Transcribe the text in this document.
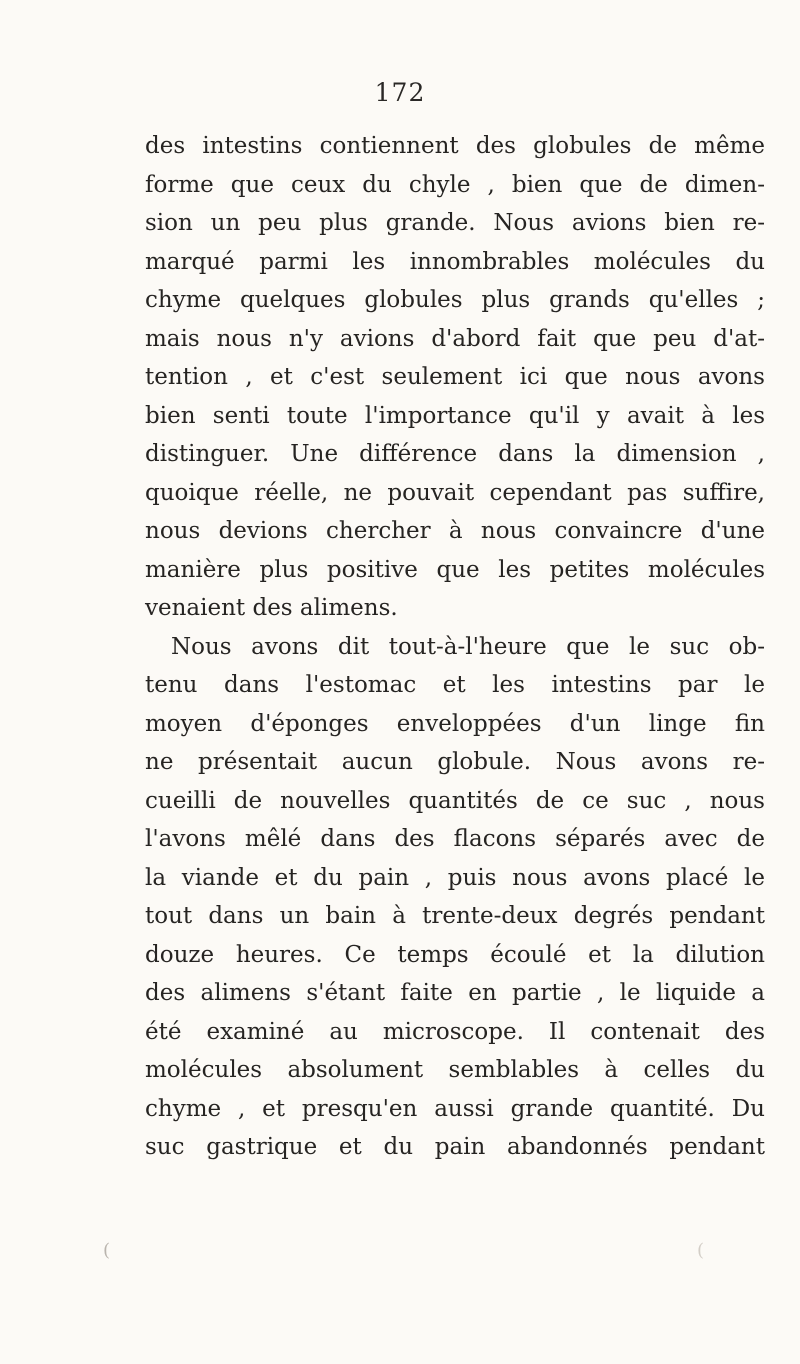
172
des intestins contiennent des globules de même
forme que ceux du chyle , bien que de dimen-
sion un peu plus grande. Nous avions bien re-
marqué parmi les innombrables molécules du
chyme quelques globules plus grands qu'elles ;
mais nous n'y avions d'abord fait que peu d'at-
tention , et c'est seulement ici que nous avons
bien senti toute l'importance qu'il y avait à les
distinguer. Une différence dans la dimension ,
quoique réelle, ne pouvait cependant pas suffire,
nous devions chercher à nous convaincre d'une
manière plus positive que les petites molécules
venaient des alimens.
Nous avons dit tout-à-l'heure que le suc ob-
tenu dans l'estomac et les intestins par le
moyen d'éponges enveloppées d'un linge fin
ne présentait aucun globule. Nous avons re-
cueilli de nouvelles quantités de ce suc , nous
l'avons mêlé dans des flacons séparés avec de
la viande et du pain , puis nous avons placé le
tout dans un bain à trente-deux degrés pendant
douze heures. Ce temps écoulé et la dilution
des alimens s'étant faite en partie , le liquide a
été examiné au microscope. Il contenait des
molécules absolument semblables à celles du
chyme , et presqu'en aussi grande quantité. Du
suc gastrique et du pain abandonnés pendant
(	(
